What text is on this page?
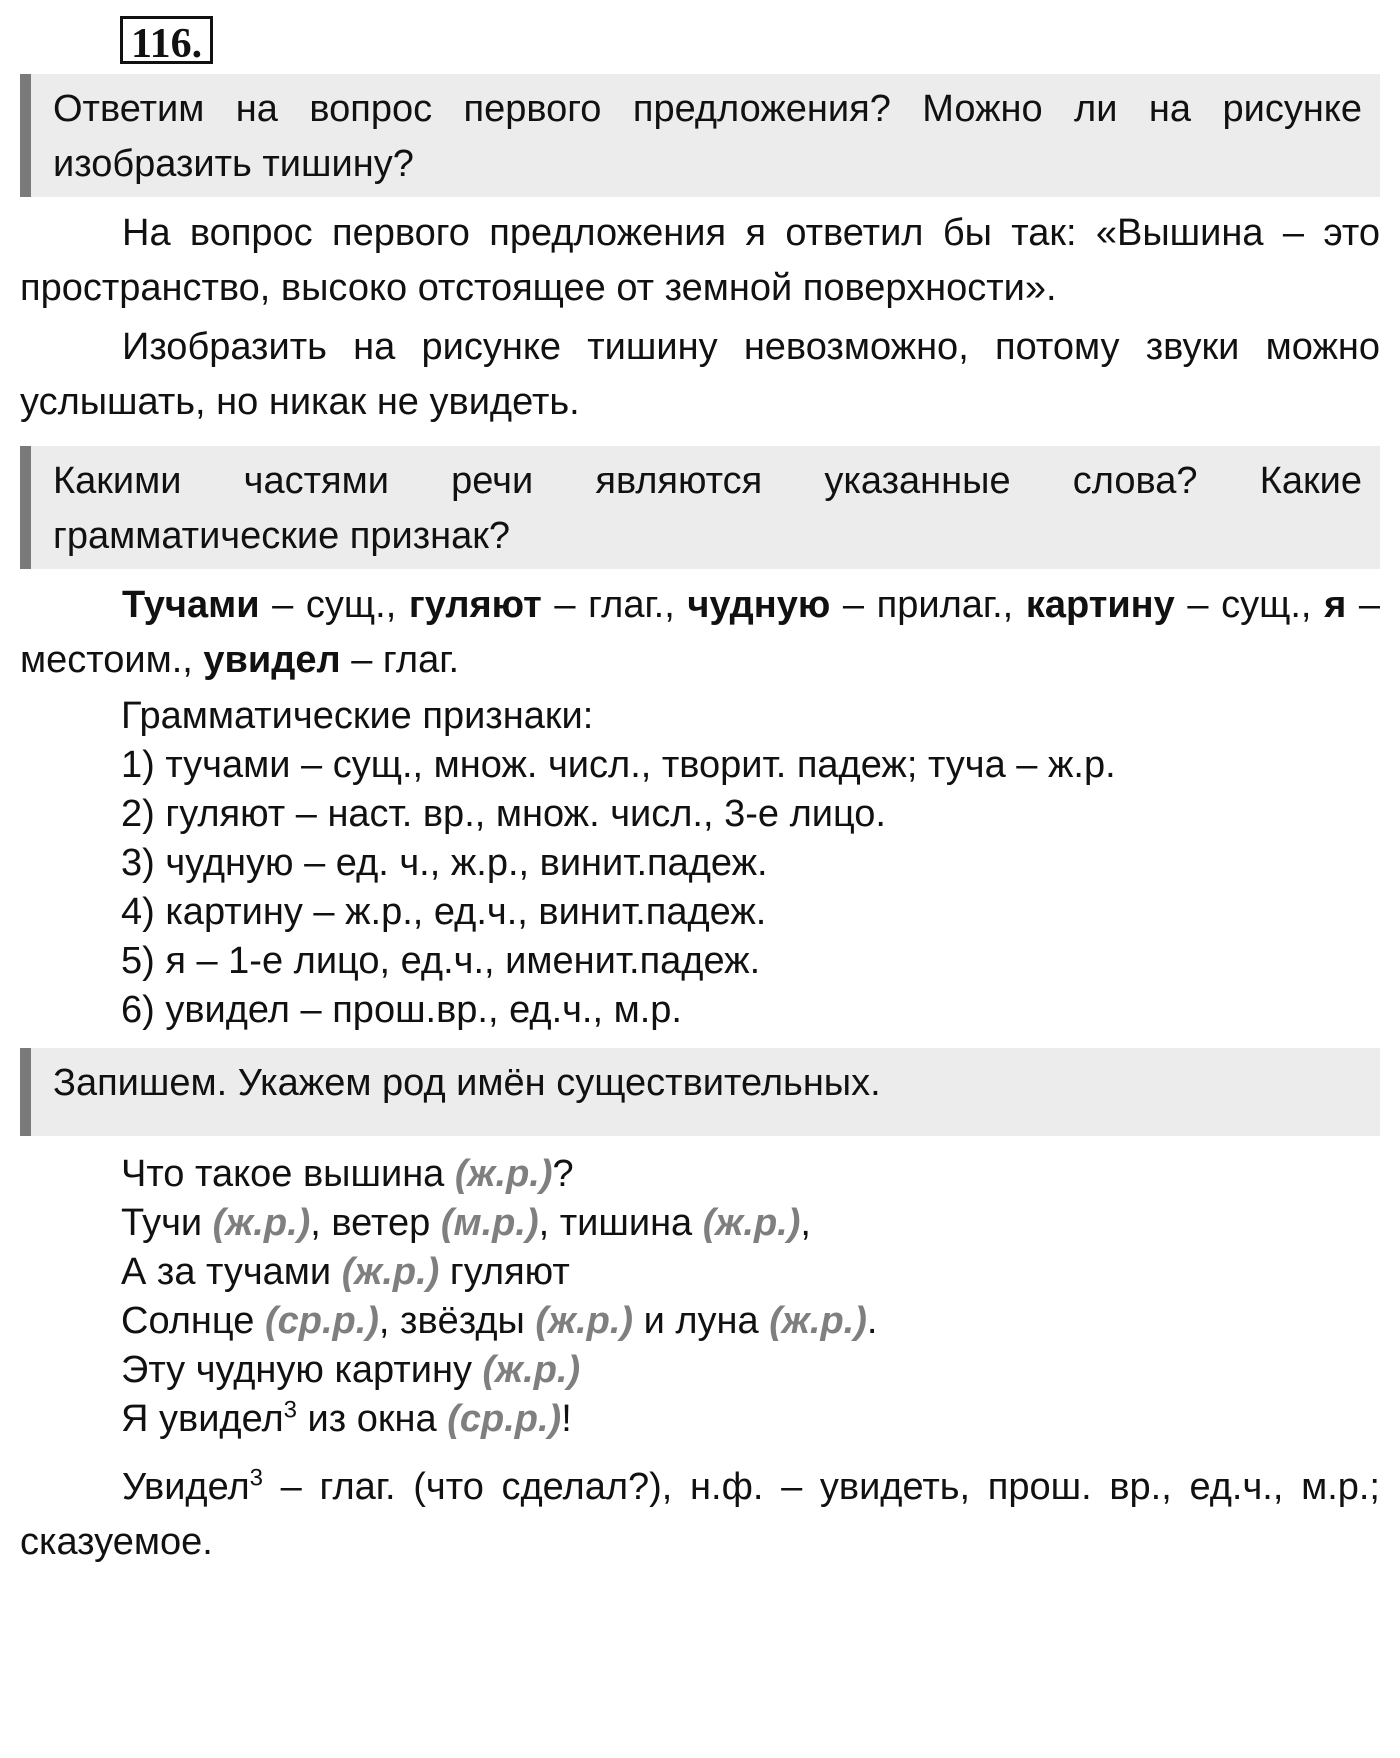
116.
Ответим на вопрос первого предложения? Можно ли на рисунке
изобразить тишину?
На вопрос первого предложения я ответил бы так: «Вышина – это пространство, высоко отстоящее от земной поверхности».
Изобразить на рисунке тишину невозможно, потому звуки можно услышать, но никак не увидеть.
Какими частями речи являются указанные слова? Какие
грамматические признак?
Тучами – сущ., гуляют – глаг., чудную – прилаг., картину – сущ., я – местоим., увидел – глаг.
Грамматические признаки:
1) тучами – сущ., множ. числ., творит. падеж; туча – ж.р.
2) гуляют – наст. вр., множ. числ., 3-е лицо.
3) чудную – ед. ч., ж.р., винит.падеж.
4) картину – ж.р., ед.ч., винит.падеж.
5) я – 1-е лицо, ед.ч., именит.падеж.
6) увидел – прош.вр., ед.ч., м.р.
Запишем. Укажем род имён существительных.
Что такое вышина (ж.р.)?
Тучи (ж.р.), ветер (м.р.), тишина (ж.р.),
А за тучами (ж.р.) гуляют
Солнце (ср.р.), звёзды (ж.р.) и луна (ж.р.).
Эту чудную картину (ж.р.)
Я увидел$^3$ из окна (ср.р.)!
Увидел$^3$ – глаг. (что сделал?), н.ф. – увидеть, прош. вр., ед.ч., м.р.; сказуемое.
